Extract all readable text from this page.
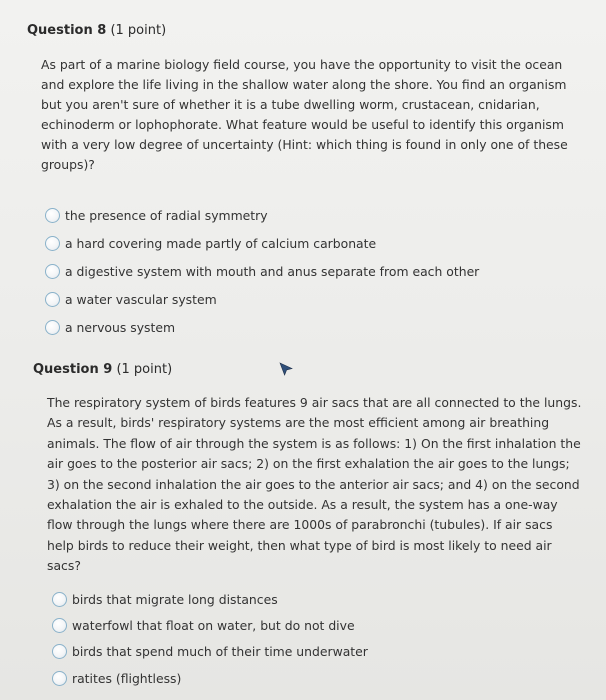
Question 8 (1 point)

As part of a marine biology field course, you have the opportunity to visit the ocean and explore the life living in the shallow water along the shore. You find an organism but you aren't sure of whether it is a tube dwelling worm, crustacean, cnidarian, echinoderm or lophophorate. What feature would be useful to identify this organism with a very low degree of uncertainty (Hint: which thing is found in only one of these groups)?

the presence of radial symmetry
a hard covering made partly of calcium carbonate
a digestive system with mouth and anus separate from each other
a water vascular system
a nervous system
Question 9 (1 point)

The respiratory system of birds features 9 air sacs that are all connected to the lungs. As a result, birds' respiratory systems are the most efficient among air breathing animals. The flow of air through the system is as follows: 1) On the first inhalation the air goes to the posterior air sacs; 2) on the first exhalation the air goes to the lungs; 3) on the second inhalation the air goes to the anterior air sacs; and 4) on the second exhalation the air is exhaled to the outside. As a result, the system has a one-way flow through the lungs where there are 1000s of parabronchi (tubules). If air sacs help birds to reduce their weight, then what type of bird is most likely to need air sacs?

birds that migrate long distances
waterfowl that float on water, but do not dive
birds that spend much of their time underwater
ratites (flightless)
